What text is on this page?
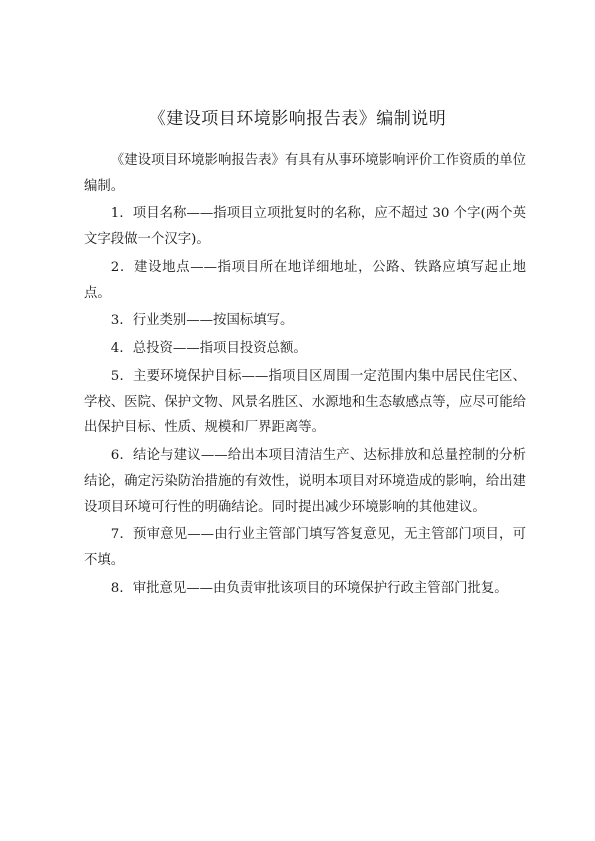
《建设项目环境影响报告表》编制说明

《建设项目环境影响报告表》有具有从事环境影响评价工作资质的单位编制。

1．项目名称——指项目立项批复时的名称，应不超过 30 个字(两个英文字段做一个汉字)。

2．建设地点——指项目所在地详细地址，公路、铁路应填写起止地点。

3．行业类别——按国标填写。

4．总投资——指项目投资总额。

5．主要环境保护目标——指项目区周围一定范围内集中居民住宅区、学校、医院、保护文物、风景名胜区、水源地和生态敏感点等，应尽可能给出保护目标、性质、规模和厂界距离等。

6．结论与建议——给出本项目清洁生产、达标排放和总量控制的分析结论，确定污染防治措施的有效性，说明本项目对环境造成的影响，给出建设项目环境可行性的明确结论。同时提出减少环境影响的其他建议。

7．预审意见——由行业主管部门填写答复意见，无主管部门项目，可不填。

8．审批意见——由负责审批该项目的环境保护行政主管部门批复。
